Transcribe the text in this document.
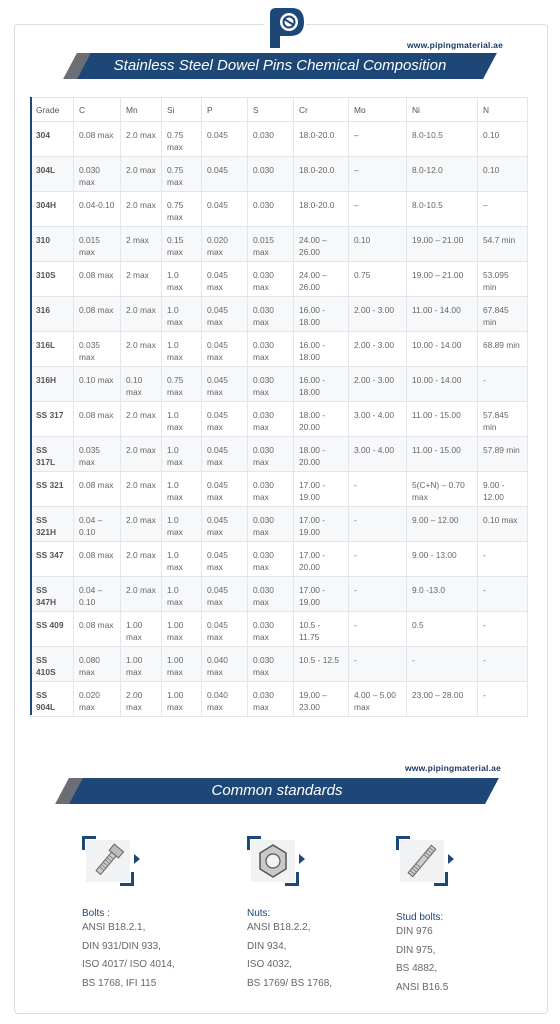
www.pipingmaterial.ae
Stainless Steel Dowel Pins Chemical Composition
Grade	C	Mn	Si	P	S	Cr	Mo	Ni	N
304	0.08 max	2.0 max	0.75 max	0.045	0.030	18.0-20.0	–	8.0-10.5	0.10
304L	0.030 max	2.0 max	0.75 max	0.045	0.030	18.0-20.0	–	8.0-12.0	0.10
304H	0.04-0.10	2.0 max	0.75 max	0.045	0.030	18.0-20.0	–	8.0-10.5	–
310	0.015 max	2 max	0.15 max	0.020 max	0.015 max	24.00 – 26.00	0.10	19.00 – 21.00	54.7 min
310S	0.08 max	2 max	1.0 max	0.045 max	0.030 max	24.00 – 26.00	0.75	19.00 – 21.00	53.095 min
316	0.08 max	2.0 max	1.0 max	0.045 max	0.030 max	16.00 - 18.00	2.00 - 3.00	11.00 - 14.00	67.845 min
316L	0.035 max	2.0 max	1.0 max	0.045 max	0.030 max	16.00 - 18.00	2.00 - 3.00	10.00 - 14.00	68.89 min
316H	0.10 max	0.10 max	0.75 max	0.045 max	0.030 max	16.00 - 18.00	2.00 - 3.00	10.00 - 14.00	-
SS 317	0.08 max	2.0 max	1.0 max	0.045 max	0.030 max	18.00 - 20.00	3.00 - 4.00	11.00 - 15.00	57.845 min
SS 317L	0.035 max	2.0 max	1.0 max	0.045 max	0.030 max	18.00 - 20.00	3.00 - 4.00	11.00 - 15.00	57.89 min
SS 321	0.08 max	2.0 max	1.0 max	0.045 max	0.030 max	17.00 - 19.00	-	5(C+N) – 0.70 max	9.00 - 12.00
SS 321H	0.04 – 0.10	2.0 max	1.0 max	0.045 max	0.030 max	17.00 - 19.00	-	9.00 – 12.00	0.10 max
SS 347	0.08 max	2.0 max	1.0 max	0.045 max	0.030 max	17.00 - 20.00	-	9.00 - 13.00	-
SS 347H	0.04 – 0.10	2.0 max	1.0 max	0.045 max	0.030 max	17.00 - 19.00	-	9.0 -13.0	-
SS 409	0.08 max	1.00 max	1.00 max	0.045 max	0.030 max	10.5 - 11.75	-	0.5	-
SS 410S	0.080 max	1.00 max	1.00 max	0.040 max	0.030 max	10.5 - 12.5	-	-	-
SS 904L	0.020 max	2.00 max	1.00 max	0.040 max	0.030 max	19.00 – 23.00	4.00 – 5.00 max	23.00 – 28.00	-
www.pipingmaterial.ae
Common standards
Bolts :
ANSI B18.2.1,
DIN 931/DIN 933,
ISO 4017/ ISO 4014,
BS 1768, IFI 115
Nuts:
ANSI B18.2.2,
DIN 934,
ISO 4032,
BS 1769/ BS 1768,
Stud bolts:
DIN 976
DIN 975,
BS 4882,
ANSI B16.5
